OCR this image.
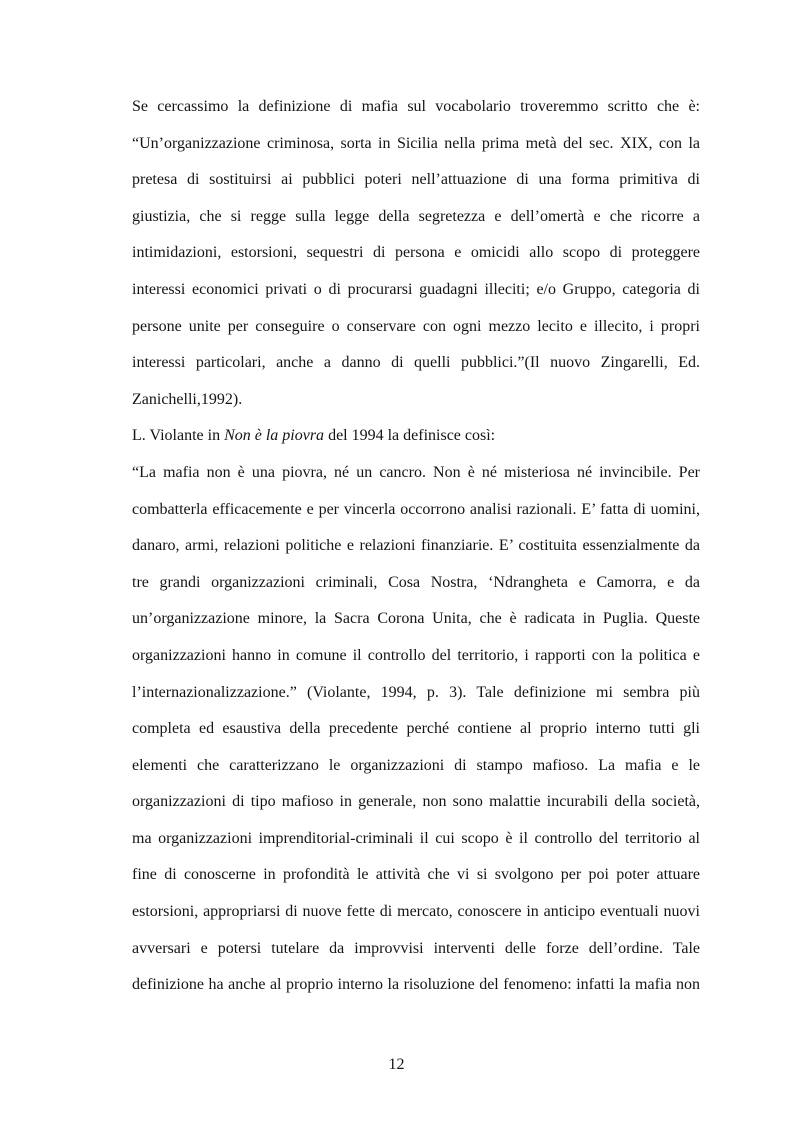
Se cercassimo la definizione di mafia sul vocabolario troveremmo scritto che è:
“Un’organizzazione criminosa, sorta in Sicilia nella prima metà del sec. XIX, con la
pretesa di sostituirsi ai pubblici poteri nell’attuazione di una forma primitiva di
giustizia, che si regge sulla legge della segretezza e dell’omertà e che ricorre a
intimidazioni, estorsioni, sequestri di persona e omicidi allo scopo di proteggere
interessi economici privati o di procurarsi guadagni illeciti; e/o Gruppo, categoria di
persone unite per conseguire o conservare con ogni mezzo lecito e illecito, i propri
interessi particolari, anche a danno di quelli pubblici.”(Il nuovo Zingarelli, Ed.
Zanichelli,1992).
L. Violante in Non è la piovra del 1994 la definisce così:
“La mafia non è una piovra, né un cancro. Non è né misteriosa né invincibile. Per
combatterla efficacemente e per vincerla occorrono analisi razionali. E’ fatta di uomini,
danaro, armi, relazioni politiche e relazioni finanziarie. E’ costituita essenzialmente da
tre grandi organizzazioni criminali, Cosa Nostra, ‘Ndrangheta e Camorra, e da
un’organizzazione minore, la Sacra Corona Unita, che è radicata in Puglia. Queste
organizzazioni hanno in comune il controllo del territorio, i rapporti con la politica e
l’internazionalizzazione.” (Violante, 1994, p. 3). Tale definizione mi sembra più
completa ed esaustiva della precedente perché contiene al proprio interno tutti gli
elementi che caratterizzano le organizzazioni di stampo mafioso. La mafia e le
organizzazioni di tipo mafioso in generale, non sono malattie incurabili della società,
ma organizzazioni imprenditorial-criminali il cui scopo è il controllo del territorio al
fine di conoscerne in profondità le attività che vi si svolgono per poi poter attuare
estorsioni, appropriarsi di nuove fette di mercato, conoscere in anticipo eventuali nuovi
avversari e potersi tutelare da improvvisi interventi delle forze dell’ordine. Tale
definizione ha anche al proprio interno la risoluzione del fenomeno: infatti la mafia non
12
